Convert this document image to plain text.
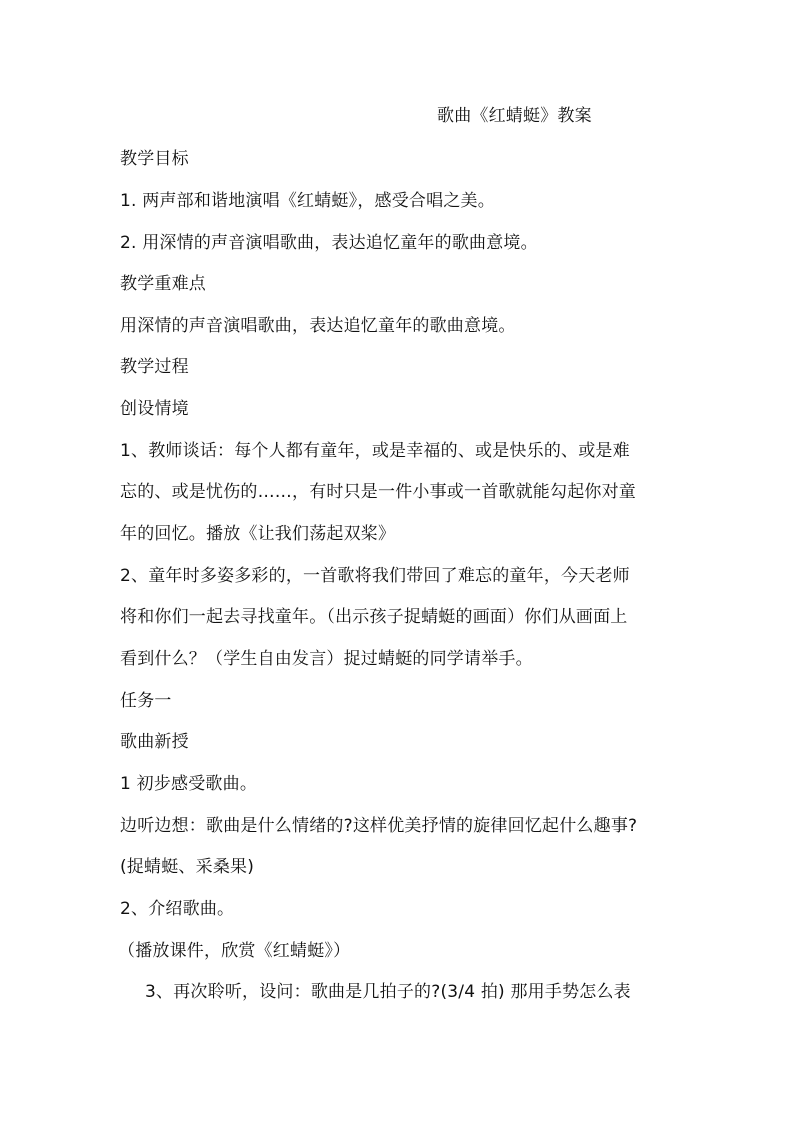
歌曲《红蜻蜓》教案
教学目标
1. 两声部和谐地演唱《红蜻蜓》，感受合唱之美。
2. 用深情的声音演唱歌曲，表达追忆童年的歌曲意境。
教学重难点
用深情的声音演唱歌曲，表达追忆童年的歌曲意境。
教学过程
创设情境
1、教师谈话：每个人都有童年，或是幸福的、或是快乐的、或是难
忘的、或是忧伤的……，有时只是一件小事或一首歌就能勾起你对童
年的回忆。播放《让我们荡起双桨》
2、童年时多姿多彩的，一首歌将我们带回了难忘的童年，今天老师
将和你们一起去寻找童年。（出示孩子捉蜻蜓的画面）你们从画面上
看到什么？（学生自由发言）捉过蜻蜓的同学请举手。
任务一
歌曲新授
1 初步感受歌曲。
边听边想：歌曲是什么情绪的?这样优美抒情的旋律回忆起什么趣事?
(捉蜻蜓、采桑果)
2、介绍歌曲。
（播放课件，欣赏《红蜻蜓》）
3、再次聆听，设问：歌曲是几拍子的?(3/4 拍) 那用手势怎么表
